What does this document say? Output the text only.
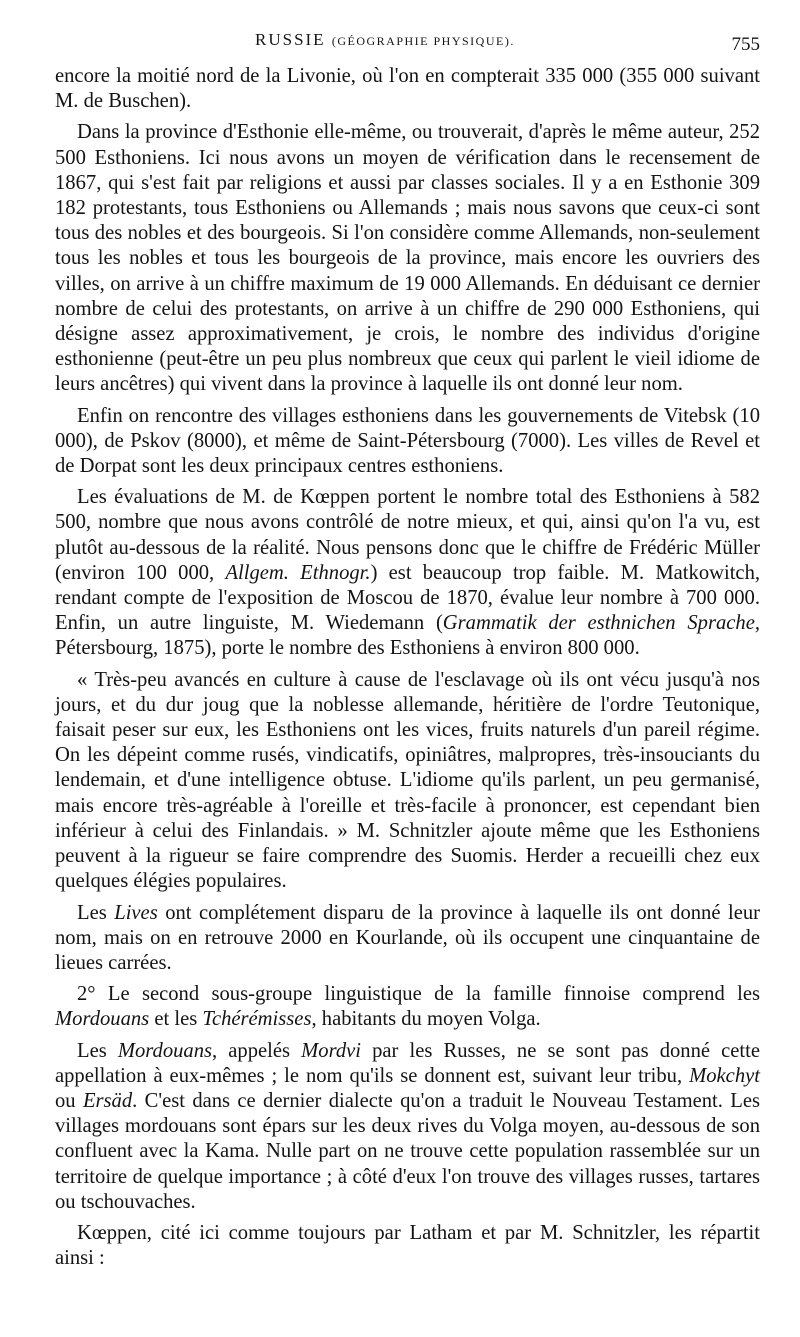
RUSSIE (GÉOGRAPHIE PHYSIQUE).	755

encore la moitié nord de la Livonie, où l'on en compterait 335 000 (355 000 suivant M. de Buschen).

Dans la province d'Esthonie elle-même, ou trouverait, d'après le même auteur, 252 500 Esthoniens. Ici nous avons un moyen de vérification dans le recensement de 1867, qui s'est fait par religions et aussi par classes sociales. Il y a en Esthonie 309 182 protestants, tous Esthoniens ou Allemands ; mais nous savons que ceux-ci sont tous des nobles et des bourgeois. Si l'on considère comme Allemands, non-seulement tous les nobles et tous les bourgeois de la province, mais encore les ouvriers des villes, on arrive à un chiffre maximum de 19 000 Allemands. En déduisant ce dernier nombre de celui des protestants, on arrive à un chiffre de 290 000 Esthoniens, qui désigne assez approximativement, je crois, le nombre des individus d'origine esthonienne (peut-être un peu plus nombreux que ceux qui parlent le vieil idiome de leurs ancêtres) qui vivent dans la province à laquelle ils ont donné leur nom.

Enfin on rencontre des villages esthoniens dans les gouvernements de Vitebsk (10 000), de Pskov (8000), et même de Saint-Pétersbourg (7000). Les villes de Revel et de Dorpat sont les deux principaux centres esthoniens.

Les évaluations de M. de Kœppen portent le nombre total des Esthoniens à 582 500, nombre que nous avons contrôlé de notre mieux, et qui, ainsi qu'on l'a vu, est plutôt au-dessous de la réalité. Nous pensons donc que le chiffre de Frédéric Müller (environ 100 000, Allgem. Ethnogr.) est beaucoup trop faible. M. Matkowitch, rendant compte de l'exposition de Moscou de 1870, évalue leur nombre à 700 000. Enfin, un autre linguiste, M. Wiedemann (Grammatik der esthnichen Sprache, Pétersbourg, 1875), porte le nombre des Esthoniens à environ 800 000.

« Très-peu avancés en culture à cause de l'esclavage où ils ont vécu jusqu'à nos jours, et du dur joug que la noblesse allemande, héritière de l'ordre Teutonique, faisait peser sur eux, les Esthoniens ont les vices, fruits naturels d'un pareil régime. On les dépeint comme rusés, vindicatifs, opiniâtres, malpropres, très-insouciants du lendemain, et d'une intelligence obtuse. L'idiome qu'ils parlent, un peu germanisé, mais encore très-agréable à l'oreille et très-facile à prononcer, est cependant bien inférieur à celui des Finlandais. » M. Schnitzler ajoute même que les Esthoniens peuvent à la rigueur se faire comprendre des Suomis. Herder a recueilli chez eux quelques élégies populaires.

Les Lives ont complétement disparu de la province à laquelle ils ont donné leur nom, mais on en retrouve 2000 en Kourlande, où ils occupent une cinquantaine de lieues carrées.

2° Le second sous-groupe linguistique de la famille finnoise comprend les Mordouans et les Tchérémisses, habitants du moyen Volga.

Les Mordouans, appelés Mordvi par les Russes, ne se sont pas donné cette appellation à eux-mêmes ; le nom qu'ils se donnent est, suivant leur tribu, Mokchyt ou Ersäd. C'est dans ce dernier dialecte qu'on a traduit le Nouveau Testament. Les villages mordouans sont épars sur les deux rives du Volga moyen, au-dessous de son confluent avec la Kama. Nulle part on ne trouve cette population rassemblée sur un territoire de quelque importance ; à côté d'eux l'on trouve des villages russes, tartares ou tschouvaches.

Kœppen, cité ici comme toujours par Latham et par M. Schnitzler, les répartit ainsi :
